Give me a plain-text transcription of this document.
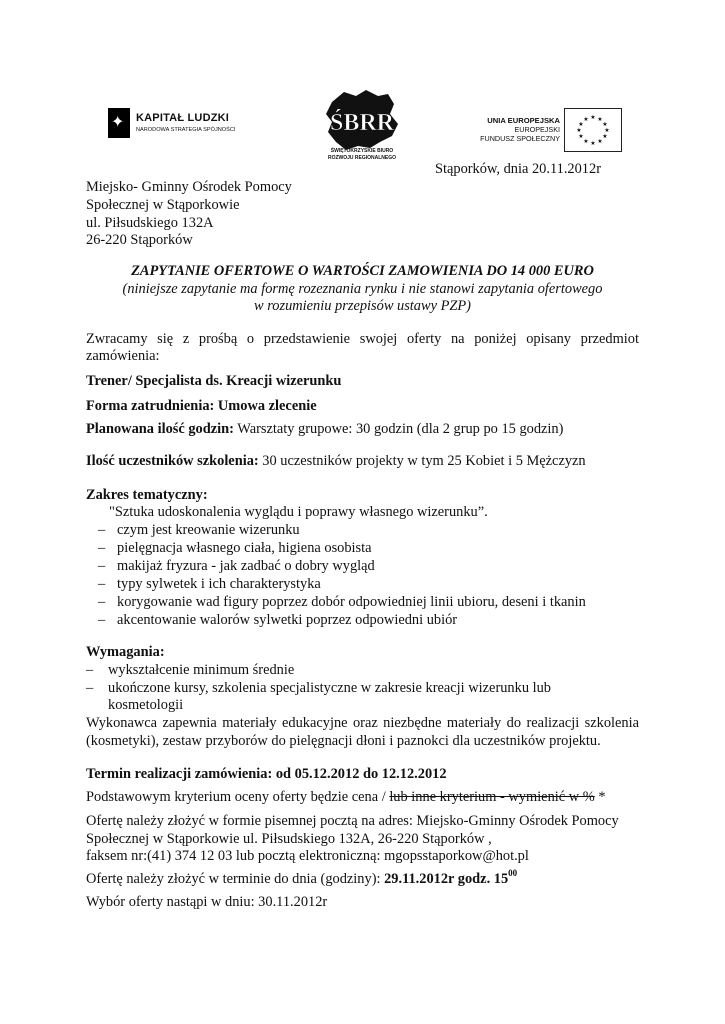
✦ KAPITAŁ LUDZKI
NARODOWA STRATEGIA SPÓJNOŚCI	ŚBRR
ŚWIĘTOKRZYSKIE BIURO
ROZWOJU REGIONALNEGO
UNIA EUROPEJSKA
EUROPEJSKI
FUNDUSZ SPOŁECZNY
★ ★
★
★
★
★
★
★
★
★
★
★
Stąporków, dnia 20.11.2012r
Miejsko- Gminny Ośrodek Pomocy
Społecznej w Stąporkowie
ul. Piłsudskiego 132A
26-220 Stąporków
ZAPYTANIE OFERTOWE O WARTOŚCI ZAMOWIENIA DO 14 000 EURO
(niniejsze zapytanie ma formę rozeznania rynku i nie stanowi zapytania ofertowego
w rozumieniu przepisów ustawy PZP)
Zwracamy się z prośbą o przedstawienie swojej oferty na poniżej opisany przedmiot
zamówienia:
Trener/ Specjalista ds. Kreacji wizerunku
Forma zatrudnienia: Umowa zlecenie
Planowana ilość godzin: Warsztaty grupowe: 30 godzin (dla 2 grup po 15 godzin)
Ilość uczestników szkolenia: 30 uczestników projekty w tym 25 Kobiet i 5 Mężczyzn
Zakres tematyczny:
"Sztuka udoskonalenia wyglądu i poprawy własnego wizerunku”.
– czym jest kreowanie wizerunku
– pielęgnacja własnego ciała, higiena osobista
– makijaż fryzura - jak zadbać o dobry wygląd
– typy sylwetek i ich charakterystyka
– korygowanie wad figury poprzez dobór odpowiedniej linii ubioru, deseni i tkanin
– akcentowanie walorów sylwetki poprzez odpowiedni ubiór
Wymagania:
– wykształcenie minimum średnie
– ukończone kursy, szkolenia specjalistyczne w zakresie kreacji wizerunku lub
kosmetologii
Wykonawca zapewnia materiały edukacyjne oraz niezbędne materiały do realizacji szkolenia
(kosmetyki), zestaw przyborów do pielęgnacji dłoni i paznokci dla uczestników projektu.
Termin realizacji zamówienia: od 05.12.2012 do 12.12.2012
Podstawowym kryterium oceny oferty będzie cena / lub inne kryterium - wymienić w % *
Ofertę należy złożyć w formie pisemnej pocztą na adres: Miejsko-Gminny Ośrodek Pomocy
Społecznej w Stąporkowie ul. Piłsudskiego 132A, 26-220 Stąporków ,
faksem nr:(41) 374 12 03 lub pocztą elektroniczną: mgopsstaporkow@hot.pl
Ofertę należy złożyć w terminie do dnia (godziny): 29.11.2012r godz. $15^{00}$
Wybór oferty nastąpi w dniu: 30.11.2012r
